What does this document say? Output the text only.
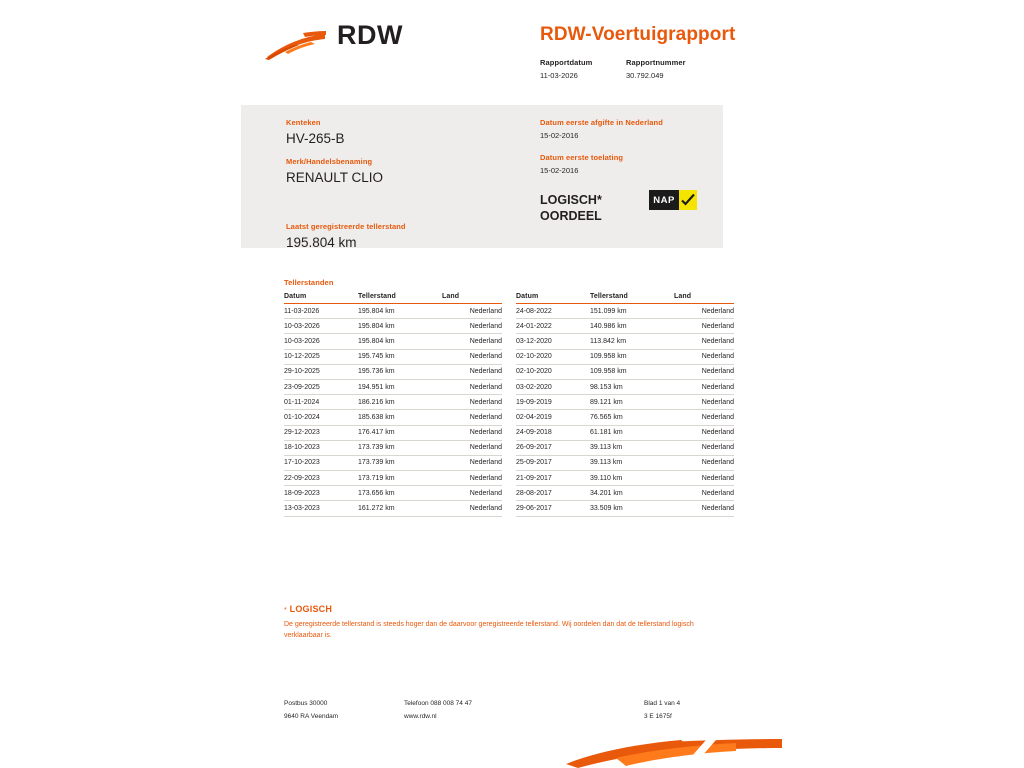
RDW	RDW-Voertuigrapport
Rapportdatum
11-03-2026
Rapportnummer
30.792.049
Kenteken
HV-265-B
Merk/Handelsbenaming
RENAULT CLIO
Laatst geregistreerde tellerstand
195.804 km
Datum eerste afgifte in Nederland
15-02-2016
Datum eerste toelating
15-02-2016
LOGISCH*
OORDEEL
NAP
Tellerstanden
Datum	Tellerstand	Land
11-03-2026	195.804 km	Nederland
10-03-2026	195.804 km	Nederland
10-03-2026	195.804 km	Nederland
10-12-2025	195.745 km	Nederland
29-10-2025	195.736 km	Nederland
23-09-2025	194.951 km	Nederland
01-11-2024	186.216 km	Nederland
01-10-2024	185.638 km	Nederland
29-12-2023	176.417 km	Nederland
18-10-2023	173.739 km	Nederland
17-10-2023	173.739 km	Nederland
22-09-2023	173.719 km	Nederland
18-09-2023	173.656 km	Nederland
13-03-2023	161.272 km	Nederland
Datum	Tellerstand	Land
24-08-2022	151.099 km	Nederland
24-01-2022	140.986 km	Nederland
03-12-2020	113.842 km	Nederland
02-10-2020	109.958 km	Nederland
02-10-2020	109.958 km	Nederland
03-02-2020	98.153 km	Nederland
19-09-2019	89.121 km	Nederland
02-04-2019	76.565 km	Nederland
24-09-2018	61.181 km	Nederland
26-09-2017	39.113 km	Nederland
25-09-2017	39.113 km	Nederland
21-09-2017	39.110 km	Nederland
28-08-2017	34.201 km	Nederland
29-06-2017	33.509 km	Nederland
* LOGISCH
De geregistreerde tellerstand is steeds hoger dan de daarvoor geregistreerde tellerstand. Wij oordelen dan dat de tellerstand logisch verklaarbaar is.
Postbus 30000	Telefoon 088 008 74 47	Blad 1 van 4
9640 RA Veendam	www.rdw.nl	3 E 1675f
